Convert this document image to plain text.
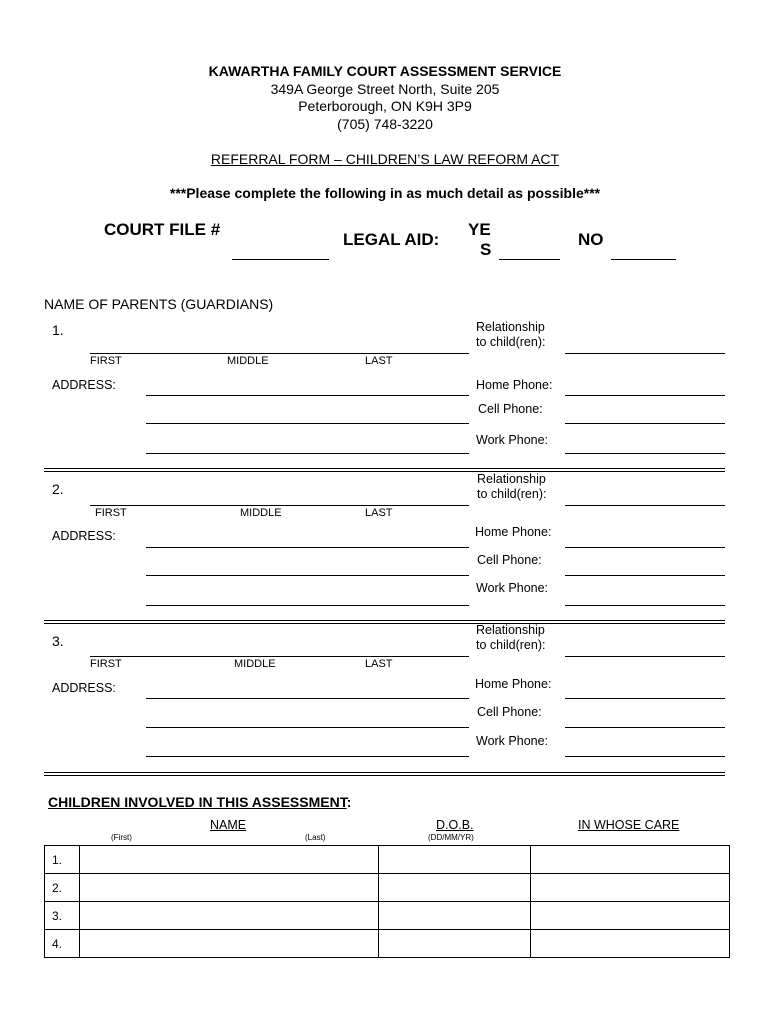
KAWARTHA FAMILY COURT ASSESSMENT SERVICE
349A George Street North, Suite 205
Peterborough, ON K9H 3P9
(705) 748-3220
REFERRAL FORM – CHILDREN’S LAW REFORM ACT
***Please complete the following in as much detail as possible***
COURT FILE #
LEGAL AID:
YE
S
NO
NAME OF PARENTS (GUARDIANS)
1.
FIRST	MIDDLE	LAST
ADDRESS:
Relationship
to child(ren):
Home Phone:
Cell Phone:
Work Phone:
2.
FIRST	MIDDLE	LAST
ADDRESS:
Relationship
to child(ren):
Home Phone:
Cell Phone:
Work Phone:
3.
FIRST	MIDDLE	LAST
ADDRESS:
Relationship
to child(ren):
Home Phone:
Cell Phone:
Work Phone:
CHILDREN INVOLVED IN THIS ASSESSMENT:
NAME
(First)	(Last)
D.O.B.
(DD/MM/YR)
IN WHOSE CARE
1.			
2.			
3.			
4.			
